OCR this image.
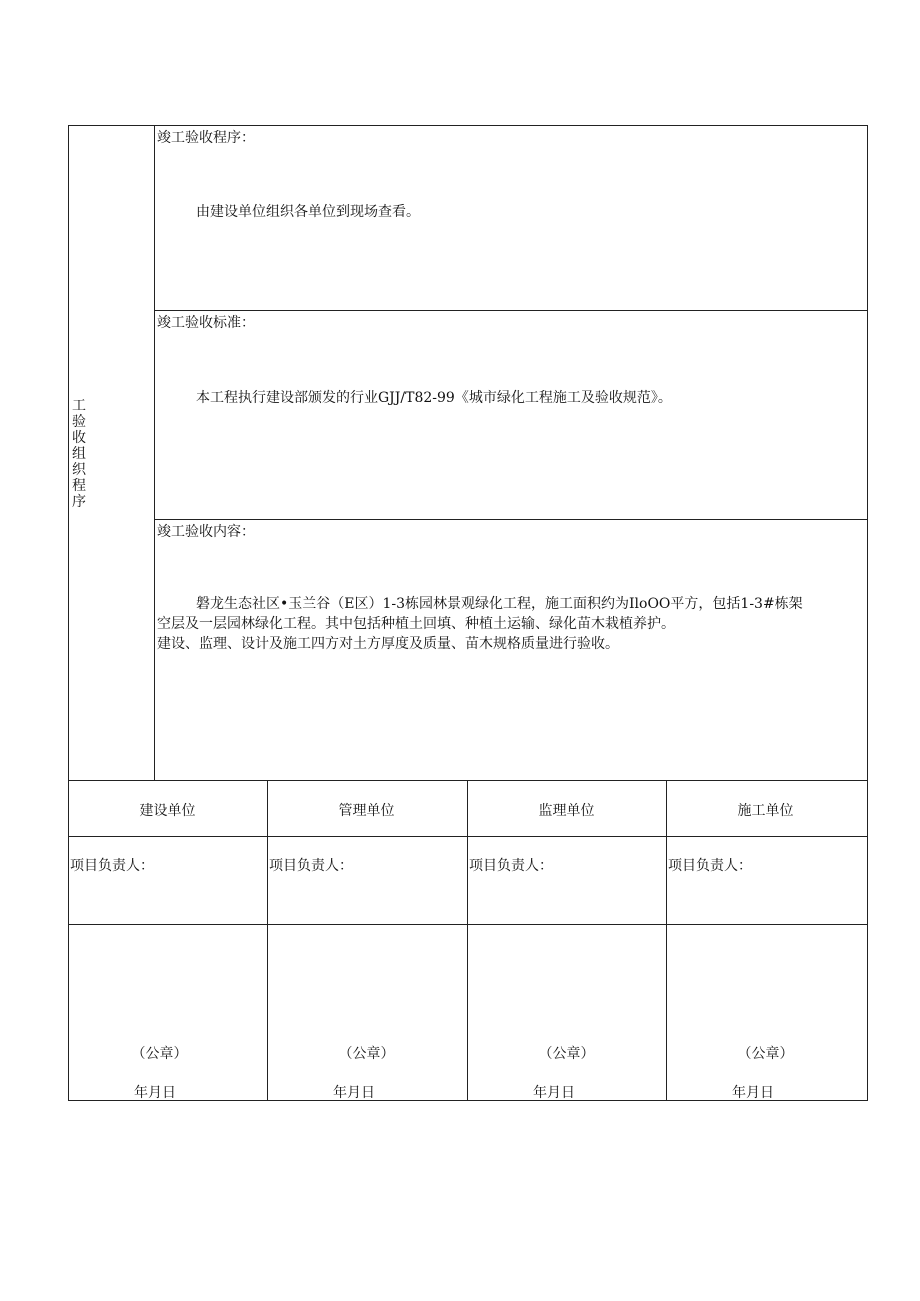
工验收组织程序
竣工验收程序：
由建设单位组织各单位到现场查看。
竣工验收标准：
本工程执行建设部颁发的行业GJJ/T82-99《城市绿化工程施工及验收规范》。
竣工验收内容：
磐龙生态社区•玉兰谷（E区）1-3栋园林景观绿化工程，施工面积约为IloOO平方，包括1-3#栋架
空层及一层园林绿化工程。其中包括种植土回填、种植土运输、绿化苗木栽植养护。
建设、监理、设计及施工四方对土方厚度及质量、苗木规格质量进行验收。
建设单位	管理单位	监理单位	施工单位
项目负责人：	项目负责人：	项目负责人：	项目负责人：
（公章）	（公章）	（公章）	（公章）
年月日	年月日	年月日	年月日
